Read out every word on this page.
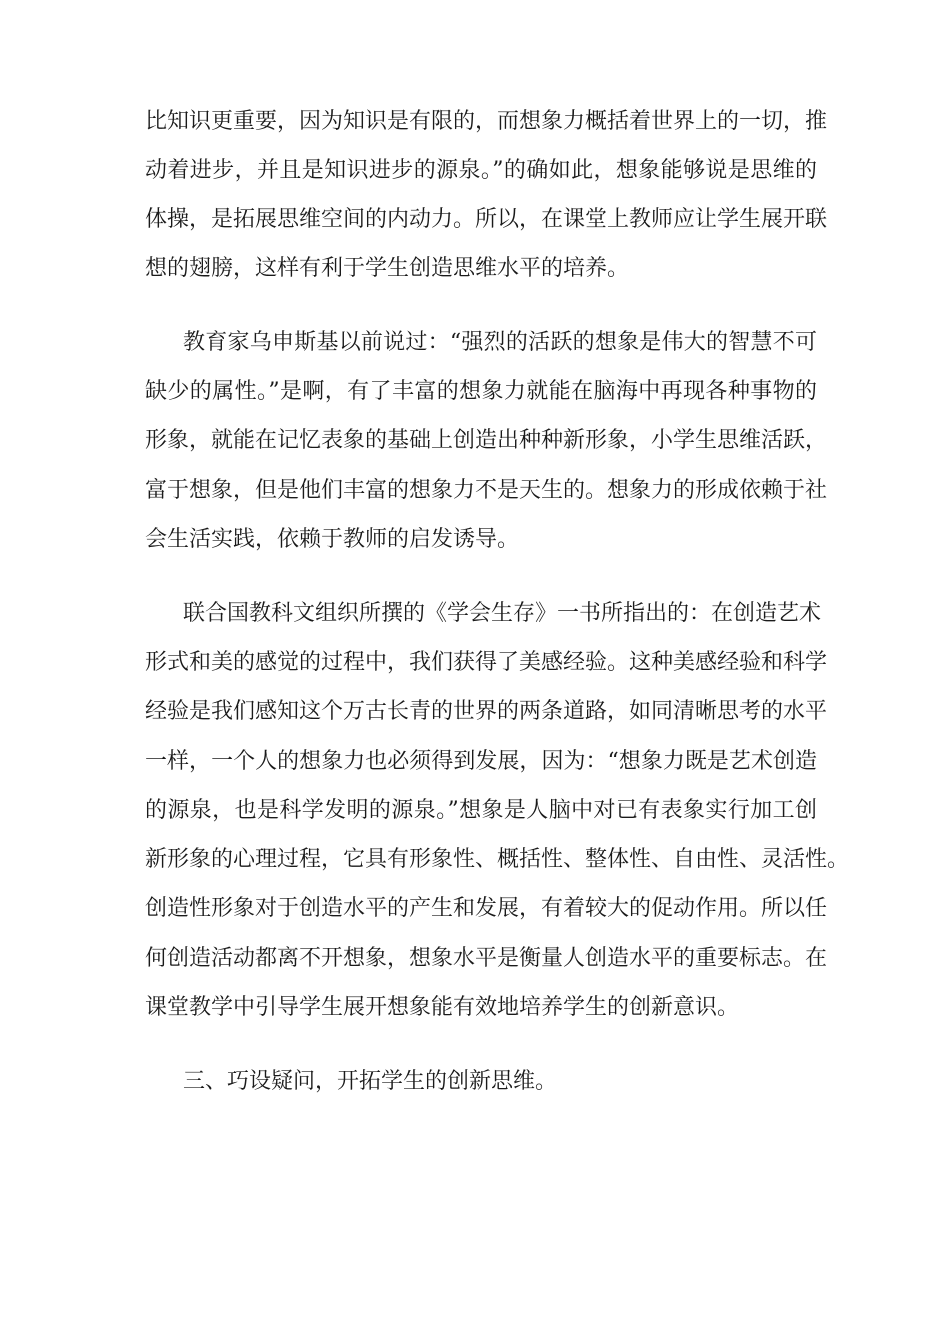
比知识更重要，因为知识是有限的，而想象力概括着世界上的一切，推
动着进步，并且是知识进步的源泉。”的确如此，想象能够说是思维的
体操，是拓展思维空间的内动力。所以，在课堂上教师应让学生展开联
想的翅膀，这样有利于学生创造思维水平的培养。
教育家乌申斯基以前说过：“强烈的活跃的想象是伟大的智慧不可
缺少的属性。”是啊，有了丰富的想象力就能在脑海中再现各种事物的
形象，就能在记忆表象的基础上创造出种种新形象，小学生思维活跃，
富于想象，但是他们丰富的想象力不是天生的。想象力的形成依赖于社
会生活实践，依赖于教师的启发诱导。
联合国教科文组织所撰的《学会生存》一书所指出的：在创造艺术
形式和美的感觉的过程中，我们获得了美感经验。这种美感经验和科学
经验是我们感知这个万古长青的世界的两条道路，如同清晰思考的水平
一样，一个人的想象力也必须得到发展，因为：“想象力既是艺术创造
的源泉，也是科学发明的源泉。”想象是人脑中对已有表象实行加工创
新形象的心理过程，它具有形象性、概括性、整体性、自由性、灵活性。
创造性形象对于创造水平的产生和发展，有着较大的促动作用。所以任
何创造活动都离不开想象，想象水平是衡量人创造水平的重要标志。在
课堂教学中引导学生展开想象能有效地培养学生的创新意识。
三、巧设疑问，开拓学生的创新思维。
